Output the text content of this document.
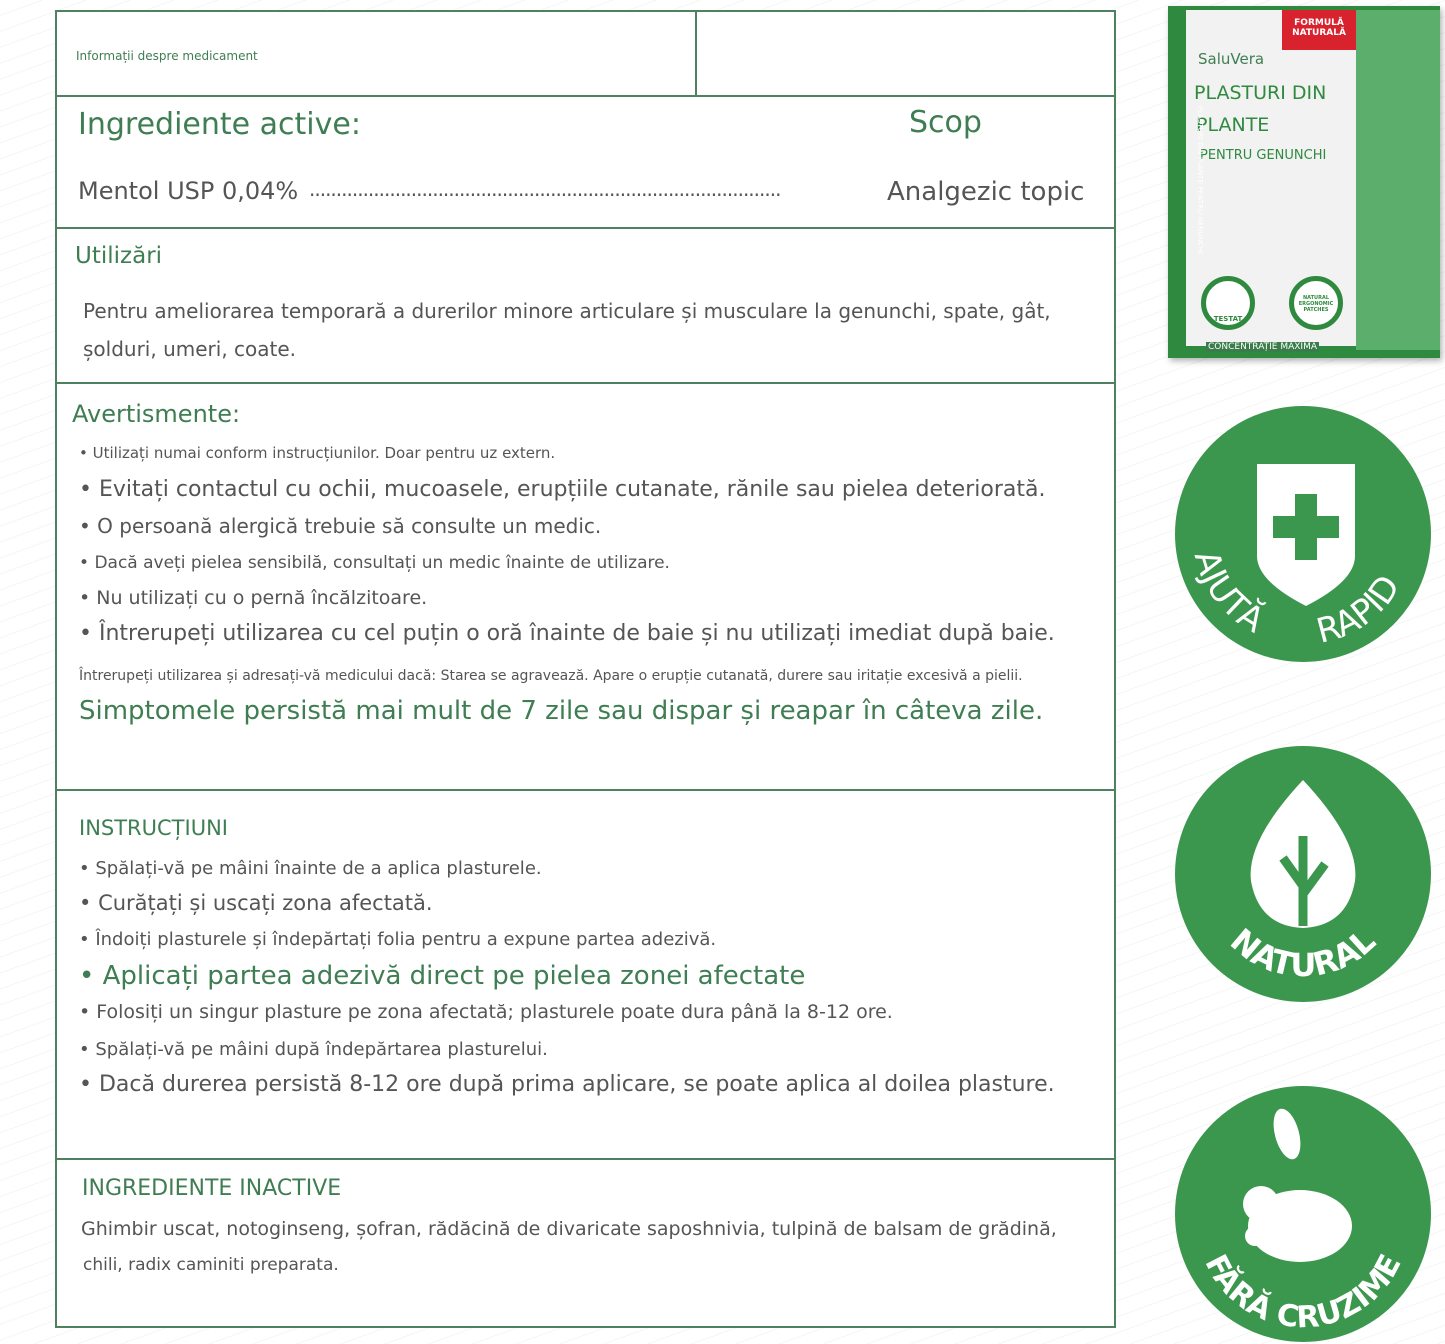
Informații despre medicament
Ingrediente active:	Scop
Mentol USP 0,04% ........................................................................................	Analgezic topic
Utilizări
Pentru ameliorarea temporară a durerilor minore articulare și musculare la genunchi, spate, gât,
șolduri, umeri, coate.
Avertismente:
• Utilizați numai conform instrucțiunilor. Doar pentru uz extern.
• Evitați contactul cu ochii, mucoasele, erupțiile cutanate, rănile sau pielea deteriorată.
• O persoană alergică trebuie să consulte un medic.
• Dacă aveți pielea sensibilă, consultați un medic înainte de utilizare.
• Nu utilizați cu o pernă încălzitoare.
• Întrerupeți utilizarea cu cel puțin o oră înainte de baie și nu utilizați imediat după baie.
Întrerupeți utilizarea și adresați-vă medicului dacă: Starea se agravează. Apare o erupție cutanată, durere sau iritație excesivă a pielii.
Simptomele persistă mai mult de 7 zile sau dispar și reapar în câteva zile.
INSTRUCȚIUNI
• Spălați-vă pe mâini înainte de a aplica plasturele.
• Curățați și uscați zona afectată.
• Îndoiți plasturele și îndepărtați folia pentru a expune partea adezivă.
• Aplicați partea adezivă direct pe pielea zonei afectate
• Folosiți un singur plasture pe zona afectată; plasturele poate dura până la 8-12 ore.
• Spălați-vă pe mâini după îndepărtarea plasturelui.
• Dacă durerea persistă 8-12 ore după prima aplicare, se poate aplica al doilea plasture.
INGREDIENTE INACTIVE
Ghimbir uscat, notoginseng, șofran, rădăcină de divaricate saposhnivia, tulpină de balsam de grădină,
chili, radix caminiti preparata.
FORMULĂ NATURALĂ
SaluVera
PLASTURI DIN
PLANTE
PENTRU GENUNCHI
PLASTURI DIN PLANTE PENTRU GENUNCHI
TESTAT
NATURAL ERGONOMIC PATCHES
CONCENTRAȚIE MAXIMĂ
AJUTĂ RAPID
NATURAL
FĂRĂ CRUZIME
